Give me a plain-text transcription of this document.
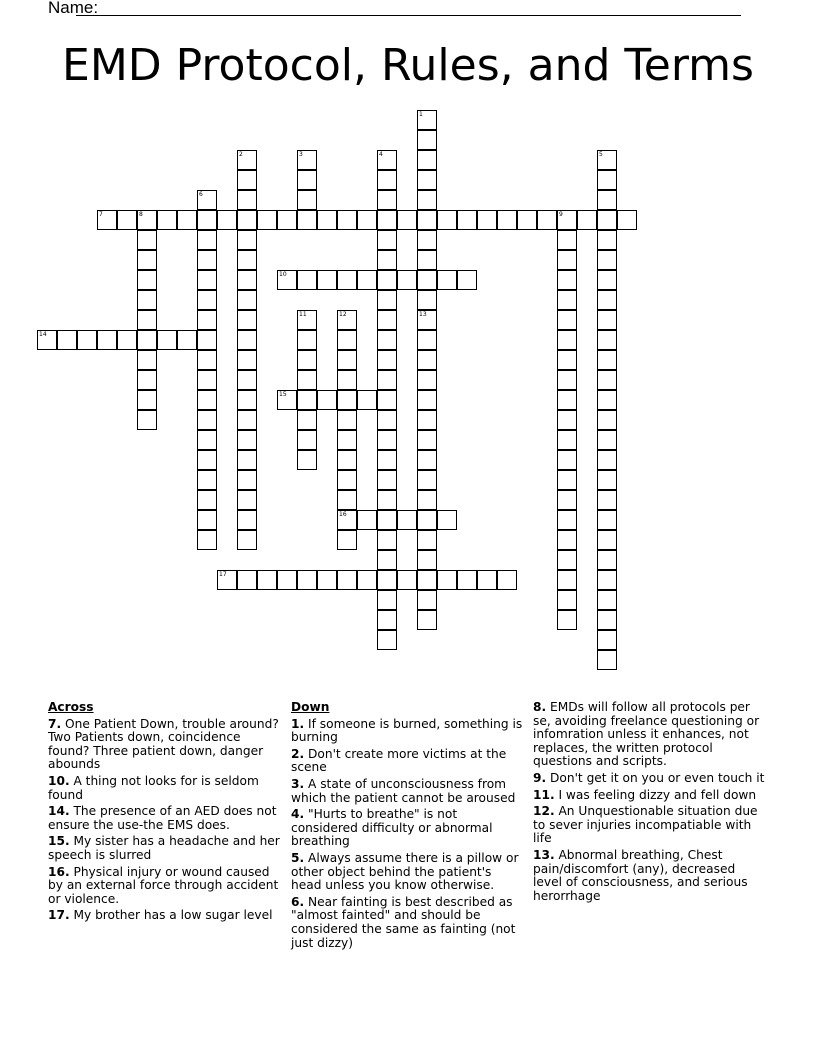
Name:
EMD Protocol, Rules, and Terms
1
13
2	3	4	5
6
7	8	9
10
11	12
16
14
15
17
Across
7. One Patient Down, trouble around? Two Patients down, coincidence found? Three patient down, danger abounds
10. A thing not looks for is seldom found
14. The presence of an AED does not ensure the use-the EMS does.
15. My sister has a headache and her speech is slurred
16. Physical injury or wound caused by an external force through accident or violence.
17. My brother has a low sugar level
Down
1. If someone is burned, something is burning
2. Don't create more victims at the scene
3. A state of unconsciousness from which the patient cannot be aroused
4. "Hurts to breathe" is not considered difficulty or abnormal breathing
5. Always assume there is a pillow or other object behind the patient's head unless you know otherwise.
6. Near fainting is best described as "almost fainted" and should be considered the same as fainting (not just dizzy)
8. EMDs will follow all protocols per se, avoiding freelance questioning or infomration unless it enhances, not replaces, the written protocol questions and scripts.
9. Don't get it on you or even touch it
11. I was feeling dizzy and fell down
12. An Unquestionable situation due to sever injuries incompatiable with life
13. Abnormal breathing, Chest pain/discomfort (any), decreased level of consciousness, and serious herorrhage
